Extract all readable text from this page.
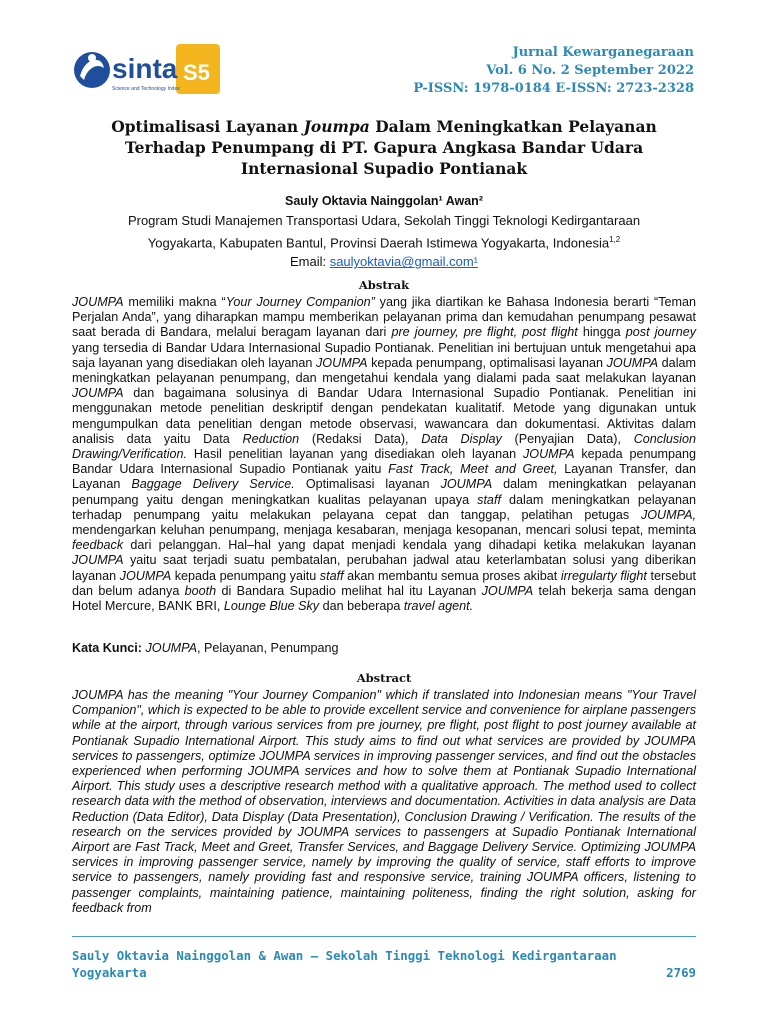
sinta S5
Science and Technology Index
Jurnal Kewarganegaraan
Vol. 6 No. 2 September 2022
P-ISSN: 1978-0184 E-ISSN: 2723-2328
Optimalisasi Layanan Joumpa Dalam Meningkatkan Pelayanan Terhadap Penumpang di PT. Gapura Angkasa Bandar Udara Internasional Supadio Pontianak
Sauly Oktavia Nainggolan¹ Awan²
Program Studi Manajemen Transportasi Udara, Sekolah Tinggi Teknologi Kedirgantaraan
Yogyakarta, Kabupaten Bantul, Provinsi Daerah Istimewa Yogyakarta, Indonesia$^{1,2}$
Email: saulyoktavia@gmail.com¹
Abstrak
JOUMPA memiliki makna “Your Journey Companion” yang jika diartikan ke Bahasa Indonesia berarti “Teman Perjalan Anda”, yang diharapkan mampu memberikan pelayanan prima dan kemudahan penumpang pesawat saat berada di Bandara, melalui beragam layanan dari pre journey, pre flight, post flight hingga post journey yang tersedia di Bandar Udara Internasional Supadio Pontianak. Penelitian ini bertujuan untuk mengetahui apa saja layanan yang disediakan oleh layanan JOUMPA kepada penumpang, optimalisasi layanan JOUMPA dalam meningkatkan pelayanan penumpang, dan mengetahui kendala yang dialami pada saat melakukan layanan JOUMPA dan bagaimana solusinya di Bandar Udara Internasional Supadio Pontianak. Penelitian ini menggunakan metode penelitian deskriptif dengan pendekatan kualitatif. Metode yang digunakan untuk mengumpulkan data penelitian dengan metode observasi, wawancara dan dokumentasi. Aktivitas dalam analisis data yaitu Data Reduction (Redaksi Data), Data Display (Penyajian Data), Conclusion Drawing/Verification. Hasil penelitian layanan yang disediakan oleh layanan JOUMPA kepada penumpang Bandar Udara Internasional Supadio Pontianak yaitu Fast Track, Meet and Greet, Layanan Transfer, dan Layanan Baggage Delivery Service. Optimalisasi layanan JOUMPA dalam meningkatkan pelayanan penumpang yaitu dengan meningkatkan kualitas pelayanan upaya staff dalam meningkatkan pelayanan terhadap penumpang yaitu melakukan pelayana cepat dan tanggap, pelatihan petugas JOUMPA, mendengarkan keluhan penumpang, menjaga kesabaran, menjaga kesopanan, mencari solusi tepat, meminta feedback dari pelanggan. Hal–hal yang dapat menjadi kendala yang dihadapi ketika melakukan layanan JOUMPA yaitu saat terjadi suatu pembatalan, perubahan jadwal atau keterlambatan solusi yang diberikan layanan JOUMPA kepada penumpang yaitu staff akan membantu semua proses akibat irregularty flight tersebut dan belum adanya booth di Bandara Supadio melihat hal itu Layanan JOUMPA telah bekerja sama dengan Hotel Mercure, BANK BRI, Lounge Blue Sky dan beberapa travel agent.
Kata Kunci: JOUMPA, Pelayanan, Penumpang
Abstract
JOUMPA has the meaning "Your Journey Companion" which if translated into Indonesian means "Your Travel Companion", which is expected to be able to provide excellent service and convenience for airplane passengers while at the airport, through various services from pre journey, pre flight, post flight to post journey available at Pontianak Supadio International Airport. This study aims to find out what services are provided by JOUMPA services to passengers, optimize JOUMPA services in improving passenger services, and find out the obstacles experienced when performing JOUMPA services and how to solve them at Pontianak Supadio International Airport. This study uses a descriptive research method with a qualitative approach. The method used to collect research data with the method of observation, interviews and documentation. Activities in data analysis are Data Reduction (Data Editor), Data Display (Data Presentation), Conclusion Drawing / Verification. The results of the research on the services provided by JOUMPA services to passengers at Supadio Pontianak International Airport are Fast Track, Meet and Greet, Transfer Services, and Baggage Delivery Service. Optimizing JOUMPA services in improving passenger service, namely by improving the quality of service, staff efforts to improve service to passengers, namely providing fast and responsive service, training JOUMPA officers, listening to passenger complaints, maintaining patience, maintaining politeness, finding the right solution, asking for feedback from
Sauly Oktavia Nainggolan & Awan – Sekolah Tinggi Teknologi Kedirgantaraan
Yogyakarta	2769
